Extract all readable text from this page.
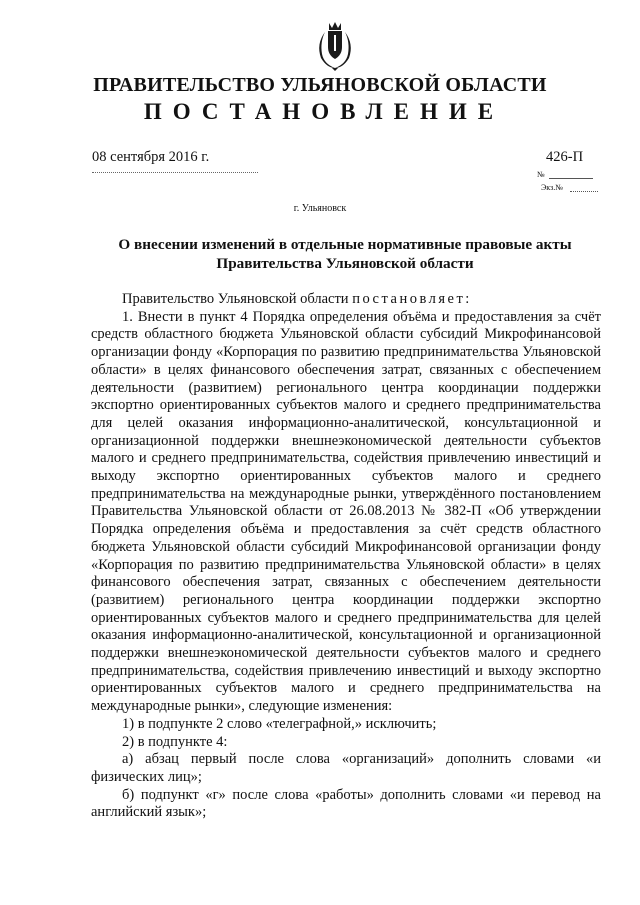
ПРАВИТЕЛЬСТВО УЛЬЯНОВСКОЙ ОБЛАСТИ
ПОСТАНОВЛЕНИЕ
08 сентября 2016 г.	426-П
№
Экз.№
г. Ульяновск
О внесении изменений в отдельные нормативные правовые акты
Правительства Ульяновской области

Правительство Ульяновской области постановляет:

1. Внести в пункт 4 Порядка определения объёма и предоставления за счёт средств областного бюджета Ульяновской области субсидий Микрофинансовой организации фонду «Корпорация по развитию предпринимательства Ульяновской области» в целях финансового обеспечения затрат, связанных с обеспечением деятельности (развитием) регионального центра координации поддержки экспортно ориентированных субъектов малого и среднего предпринимательства для целей оказания информационно-аналитической, консультационной и организационной поддержки внешнеэкономической деятельности субъектов малого и среднего предпринимательства, содействия привлечению инвестиций и выходу экспортно ориентированных субъектов малого и среднего предпринимательства на международные рынки, утверждённого постановлением Правительства Ульяновской области от 26.08.2013 № 382-П «Об утверждении Порядка определения объёма и предоставления за счёт средств областного бюджета Ульяновской области субсидий Микрофинансовой организации фонду «Корпорация по развитию предпринимательства Ульяновской области» в целях финансового обеспечения затрат, связанных с обеспечением деятельности (развитием) регионального центра координации поддержки экспортно ориентированных субъектов малого и среднего предпринимательства для целей оказания информационно-аналитической, консультационной и организационной поддержки внешнеэкономической деятельности субъектов малого и среднего предпринимательства, содействия привлечению инвестиций и выходу экспортно ориентированных субъектов малого и среднего предпринимательства на международные рынки», следующие изменения:

1) в подпункте 2 слово «телеграфной,» исключить;

2) в подпункте 4:

а) абзац первый после слова «организаций» дополнить словами «и физических лиц»;

б) подпункт «г» после слова «работы» дополнить словами «и перевод на английский язык»;
